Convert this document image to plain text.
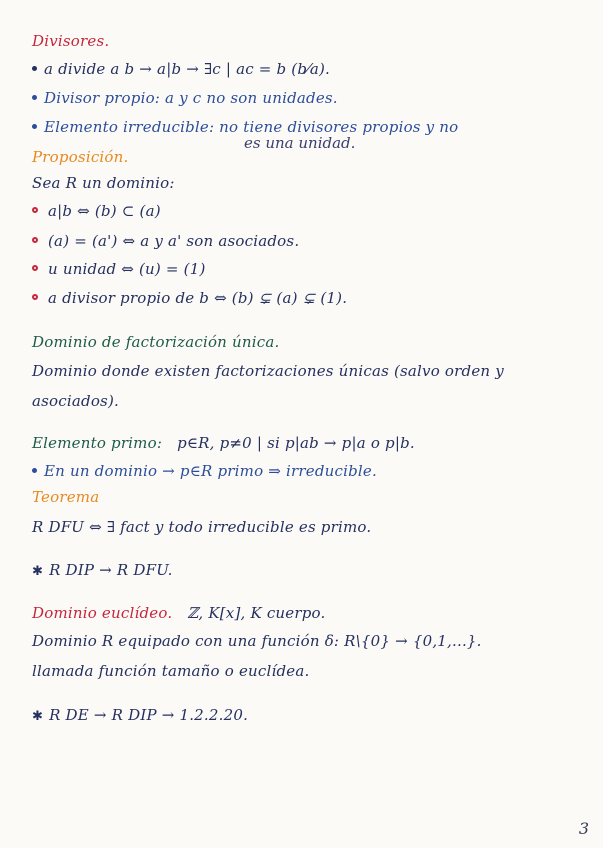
Divisores.
a divide a b → a|b → ∃c | ac = b (b⁄a).
Divisor propio: a y c no son unidades.
Elemento irreducible: no tiene divisores propios y no
es una unidad.
Proposición.
Sea R un dominio:
a|b ⇔ (b) ⊂ (a)
(a) = (a') ⇔ a y a' son asociados.
u unidad ⇔ (u) = (1)
a divisor propio de b ⇔ (b) ⊊ (a) ⊊ (1).
Dominio de factorización única.
Dominio donde existen factorizaciones únicas (salvo orden y
asociados).
Elemento primo: p∈R, p≠0 | si p|ab → p|a o p|b.
En un dominio → p∈R primo ⇒ irreducible.
Teorema
R DFU ⇔ ∃ fact y todo irreducible es primo.
✱ R DIP → R DFU.
Dominio euclídeo. ℤ, K[x], K cuerpo.
Dominio R equipado con una función δ: R\{0} → {0,1,...}.
llamada función tamaño o euclídea.
✱ R DE → R DIP → 1.2.2.20.
3
